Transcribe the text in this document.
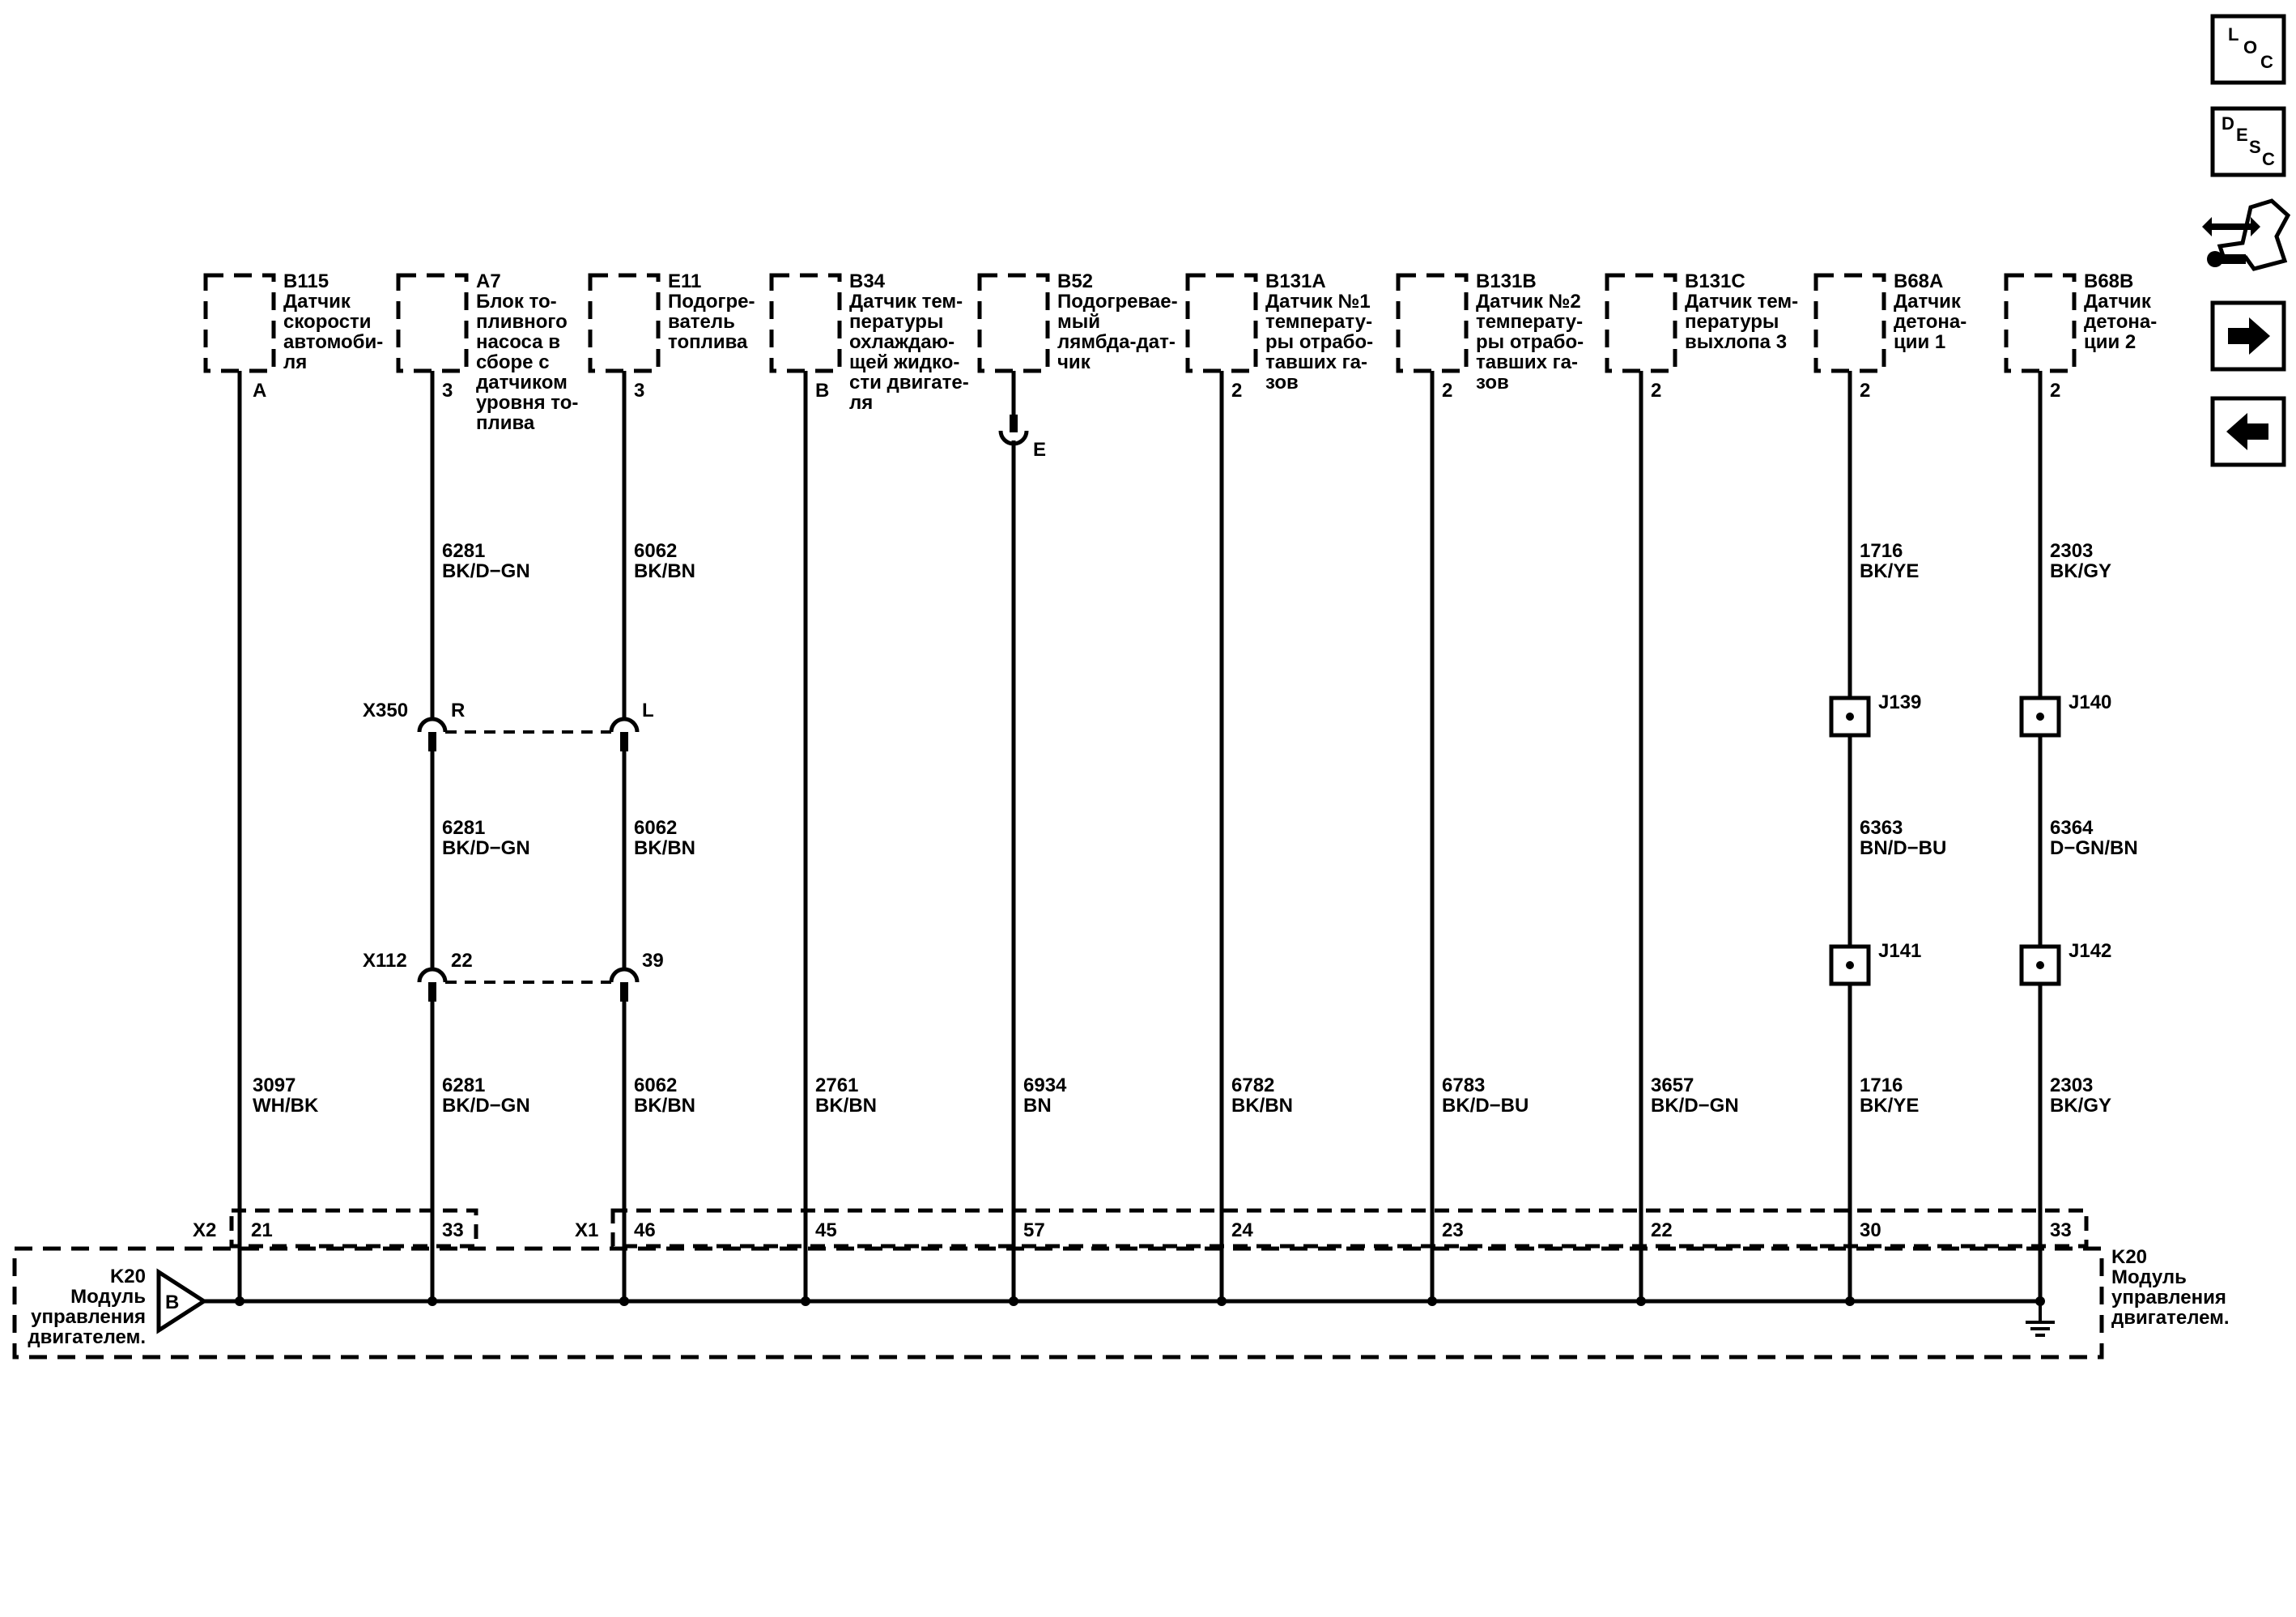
B115
Датчик
скорости
автомоби-
ля
A7
Блок то-
пливного
насоса в
сборе с
датчиком
уровня то-
плива
E11
Подогре-
ватель
топлива
B34
Датчик тем-
пературы
охлаждаю-
щей жидко-
сти двигате-
ля
B52
Подогревае-
мый
лямбда-дат-
чик
B131A
Датчик №1
температу-
ры отрабо-
тавших га-
зов
B131B
Датчик №2
температу-
ры отрабо-
тавших га-
зов
B131C
Датчик тем-
пературы
выхлопа 3
B68A
Датчик
детона-
ции 1
B68B
Датчик
детона-
ции 2
A	3	3	B
E
2	2	2	2	2
6281
BK/D−GN
6062
BK/BN
1716
BK/YE
2303
BK/GY
6281
BK/D−GN
6062
BK/BN
6363
BN/D−BU
6364
D−GN/BN
3097
WH/BK
6281
BK/D−GN
6062
BK/BN
2761
BK/BN
6934
BN
6782
BK/BN
6783
BK/D−BU
3657
BK/D−GN
1716
BK/YE
2303
BK/GY
X350 R	L
X112 22	39
J139	J140
J141	J142
X2	X1
21	33	46	45	57	24	23	22	30	33
B
K20
Модуль
управления
двигателем.
K20
Модуль
управления
двигателем.
L
O
C
D
E
S
C
